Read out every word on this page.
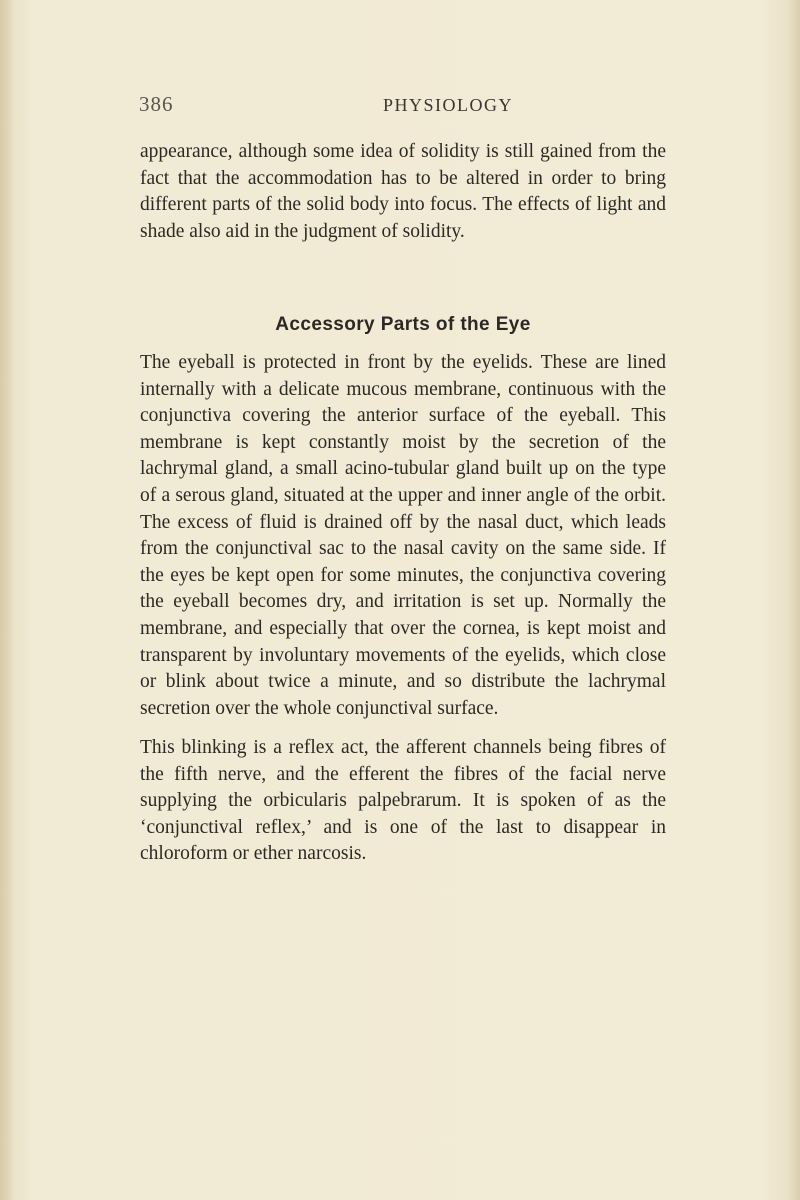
386	PHYSIOLOGY

appearance, although some idea of solidity is still gained from the fact that the accommodation has to be altered in order to bring different parts of the solid body into focus. The effects of light and shade also aid in the judgment of solidity.

Accessory Parts of the Eye

The eyeball is protected in front by the eyelids. These are lined internally with a delicate mucous membrane, continuous with the conjunctiva covering the anterior surface of the eyeball. This membrane is kept constantly moist by the secretion of the lachrymal gland, a small acino-tubular gland built up on the type of a serous gland, situated at the upper and inner angle of the orbit. The excess of fluid is drained off by the nasal duct, which leads from the conjunctival sac to the nasal cavity on the same side. If the eyes be kept open for some minutes, the conjunctiva covering the eyeball becomes dry, and irritation is set up. Normally the membrane, and especially that over the cornea, is kept moist and transparent by involuntary movements of the eyelids, which close or blink about twice a minute, and so distribute the lachrymal secretion over the whole conjunctival surface.

This blinking is a reflex act, the afferent channels being fibres of the fifth nerve, and the efferent the fibres of the facial nerve supplying the orbicularis palpebrarum. It is spoken of as the ‘conjunctival reflex,’ and is one of the last to disappear in chloroform or ether narcosis.
